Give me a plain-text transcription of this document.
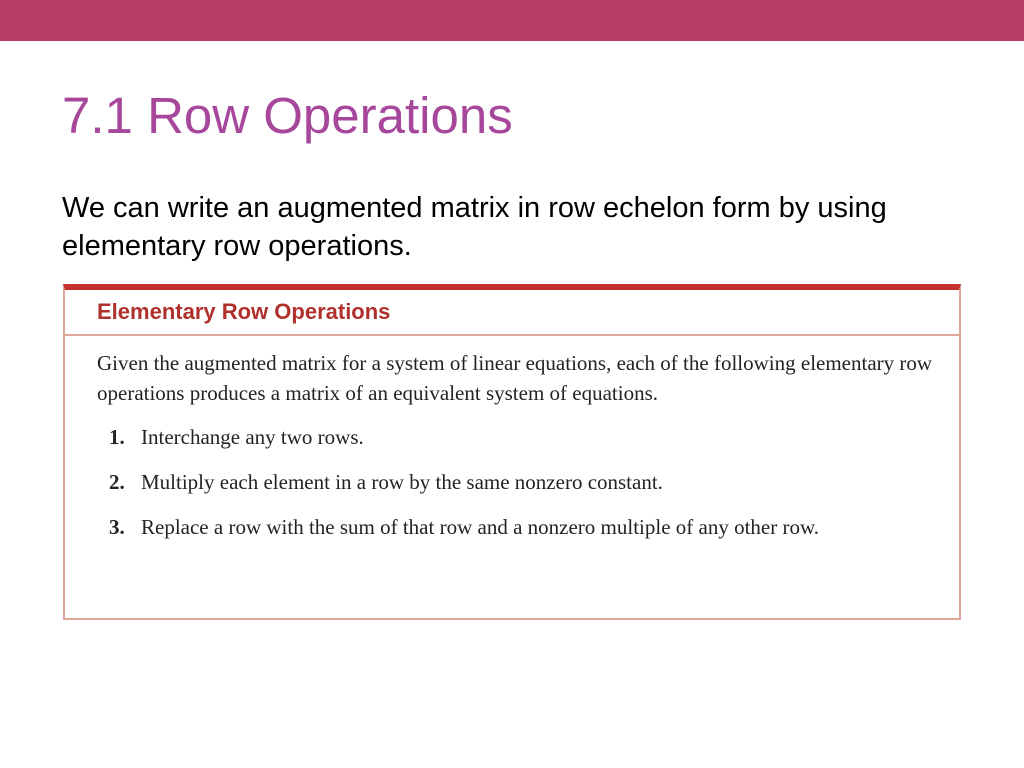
7.1 Row Operations

We can write an augmented matrix in row echelon form by using elementary row operations.

Elementary Row Operations

Given the augmented matrix for a system of linear equations, each of the following elementary row operations produces a matrix of an equivalent system of equations.

1. Interchange any two rows.
2. Multiply each element in a row by the same nonzero constant.
3. Replace a row with the sum of that row and a nonzero multiple of any other row.
